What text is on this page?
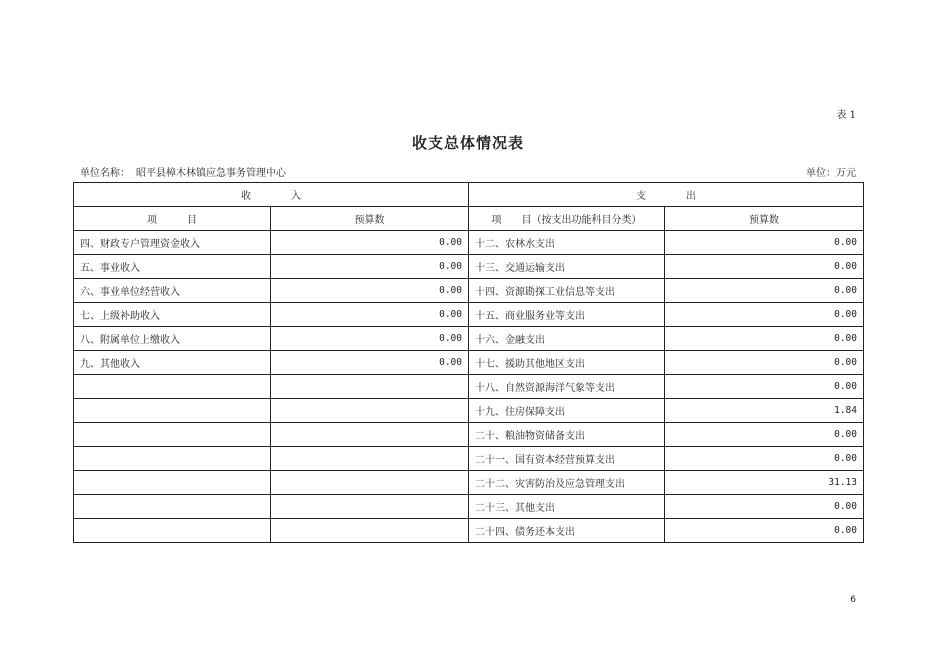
表 1
收支总体情况表
单位名称： 昭平县樟木林镇应急事务管理中心	单位：万元
收　　　　入		支　　　　出	
项　　　目	预算数	项　　目（按支出功能科目分类）	预算数
四、财政专户管理资金收入	0.00	十二、农林水支出	0.00
五、事业收入	0.00	十三、交通运输支出	0.00
六、事业单位经营收入	0.00	十四、资源勘探工业信息等支出	0.00
七、上级补助收入	0.00	十五、商业服务业等支出	0.00
八、附属单位上缴收入	0.00	十六、金融支出	0.00
九、其他收入	0.00	十七、援助其他地区支出	0.00
		十八、自然资源海洋气象等支出	0.00
		十九、住房保障支出	1.84
		二十、粮油物资储备支出	0.00
		二十一、国有资本经营预算支出	0.00
		二十二、灾害防治及应急管理支出	31.13
		二十三、其他支出	0.00
		二十四、债务还本支出	0.00
6
